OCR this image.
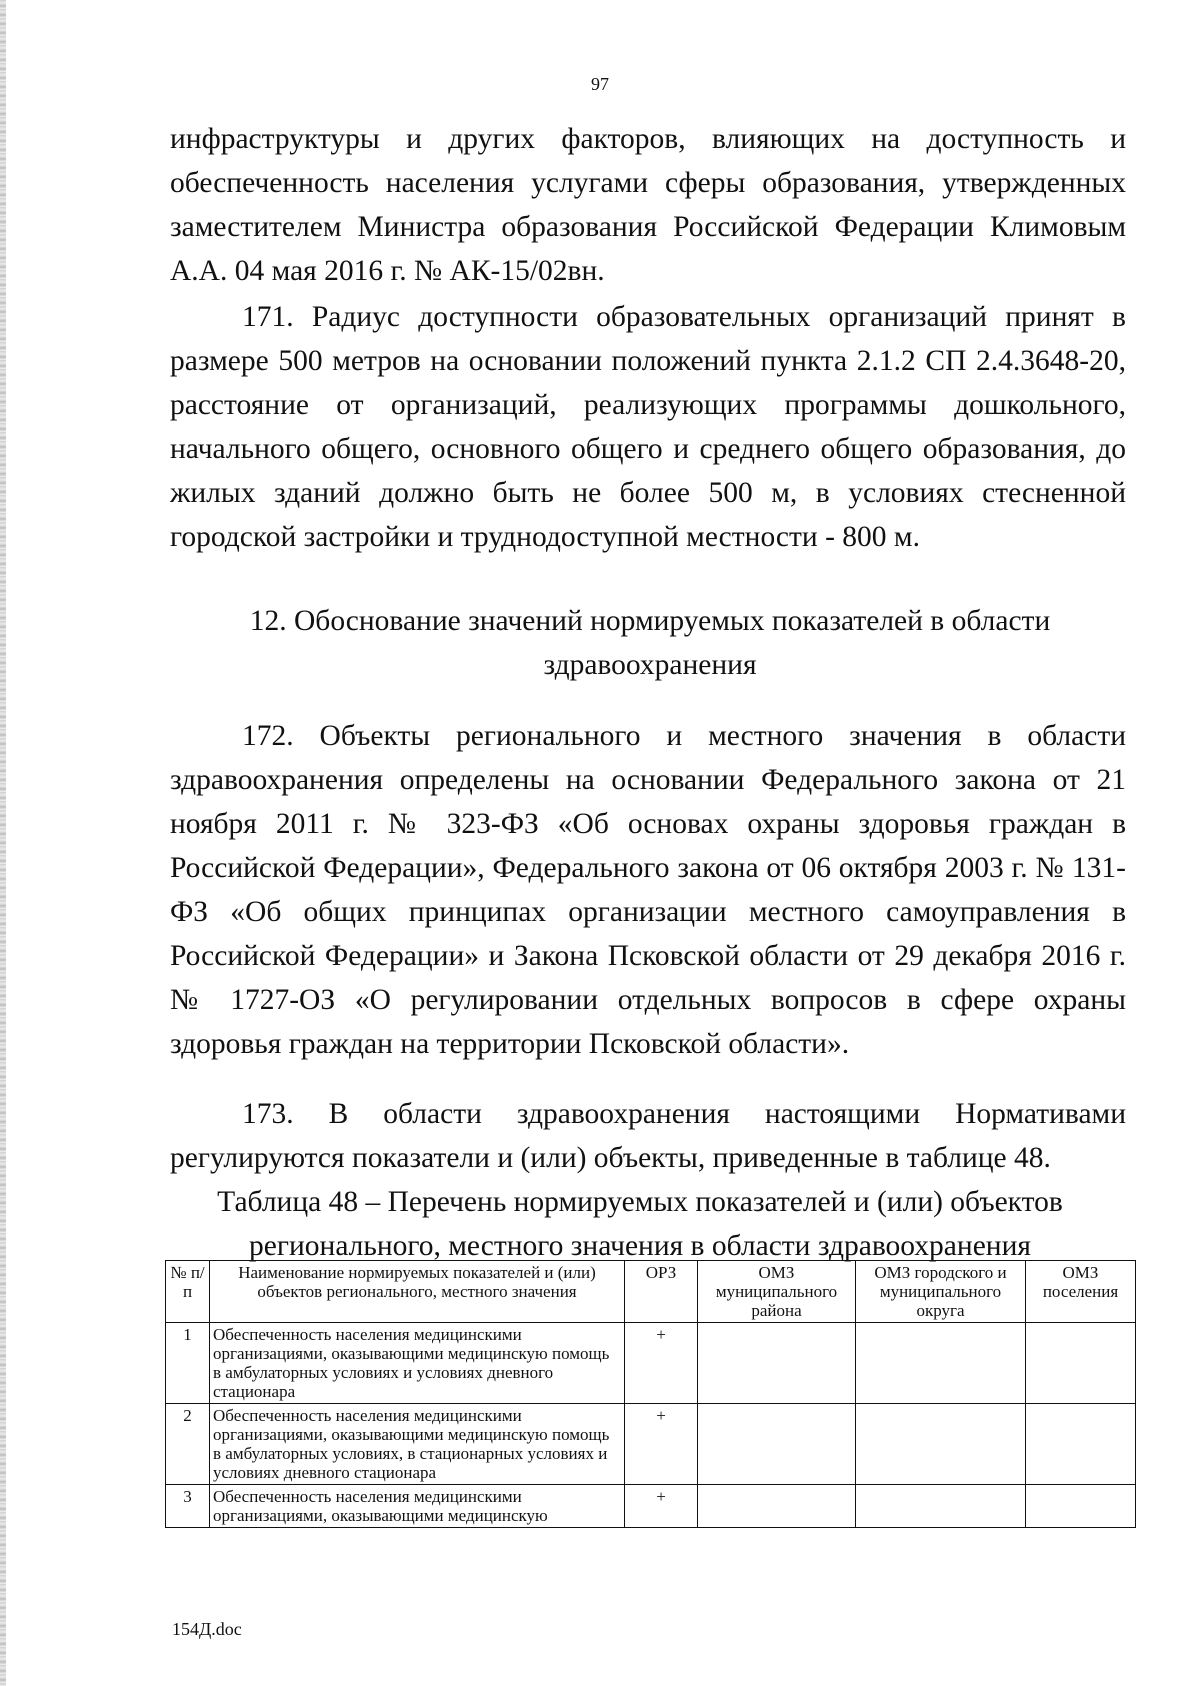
97

инфраструктуры и других факторов, влияющих на доступность и обеспеченность населения услугами сферы образования, утвержденных заместителем Министра образования Российской Федерации Климовым А.А. 04 мая 2016 г. № АК-15/02вн.

171. Радиус доступности образовательных организаций принят в размере 500 метров на основании положений пункта 2.1.2 СП 2.4.3648-20, расстояние от организаций, реализующих программы дошкольного, начального общего, основного общего и среднего общего образования, до жилых зданий должно быть не более 500 м, в условиях стесненной городской застройки и труднодоступной местности - 800 м.

12. Обоснование значений нормируемых показателей в области
здравоохранения

172. Объекты регионального и местного значения в области здравоохранения определены на основании Федерального закона от 21 ноября 2011 г. № 323-ФЗ «Об основах охраны здоровья граждан в Российской Федерации», Федерального закона от 06 октября 2003 г. № 131-ФЗ «Об общих принципах организации местного самоуправления в Российской Федерации» и Закона Псковской области от 29 декабря 2016 г. № 1727-ОЗ «О регулировании отдельных вопросов в сфере охраны здоровья граждан на территории Псковской области».

173. В области здравоохранения настоящими Нормативами регулируются показатели и (или) объекты, приведенные в таблице 48.

Таблица 48 – Перечень нормируемых показателей и (или) объектов
регионального, местного значения в области здравоохранения
№ п/п	Наименование нормируемых показателей и (или) объектов регионального, местного значения	ОРЗ	ОМЗ муниципального района	ОМЗ городского и муниципального округа	ОМЗ поселения
1	Обеспеченность населения медицинскими организациями, оказывающими медицинскую помощь в амбулаторных условиях и условиях дневного стационара	+			
2	Обеспеченность населения медицинскими организациями, оказывающими медицинскую помощь в амбулаторных условиях, в стационарных условиях и условиях дневного стационара	+			
3	Обеспеченность населения медицинскими организациями, оказывающими медицинскую	+			
154Д.doc
